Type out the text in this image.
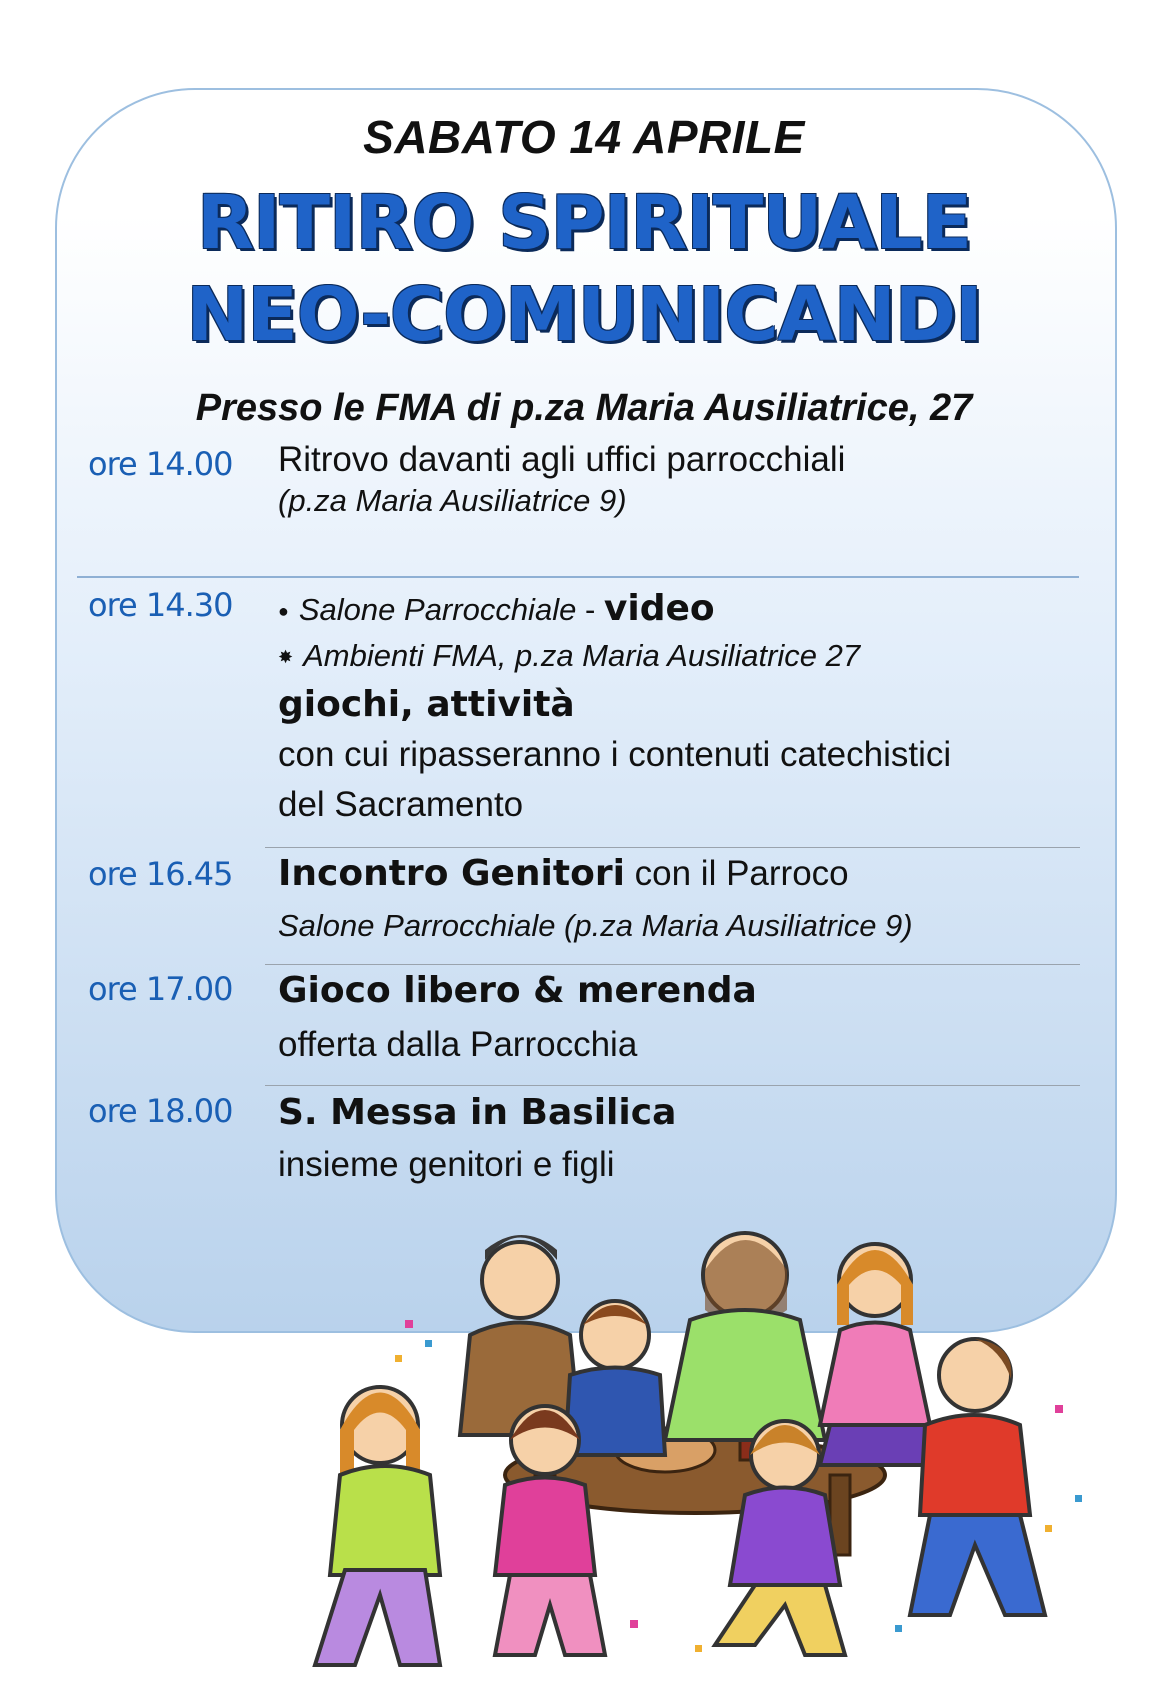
SABATO 14 APRILE
RITIRO SPIRITUALE
NEO-COMUNICANDI
Presso le FMA di p.za Maria Ausiliatrice, 27
ore 14.00 Ritrovo davanti agli uffici parrocchiali
(p.za Maria Ausiliatrice 9)
ore 14.30	● Salone Parrocchiale - video
✸ Ambienti FMA, p.za Maria Ausiliatrice 27
giochi, attività
con cui ripasseranno i contenuti catechistici
del Sacramento
ore 16.45 Incontro Genitori con il Parroco
Salone Parrocchiale (p.za Maria Ausiliatrice 9)
ore 17.00 Gioco libero & merenda
offerta dalla Parrocchia
ore 18.00 S. Messa in Basilica
insieme genitori e figli
